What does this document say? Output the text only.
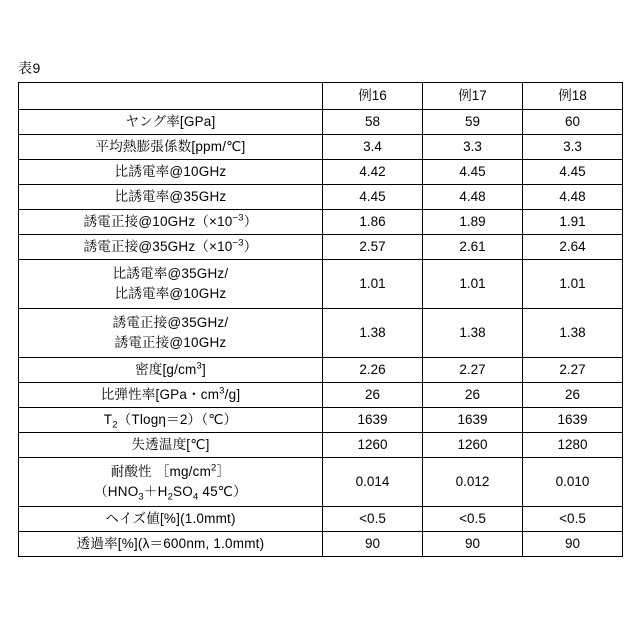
表9
	例16	例17	例18
ヤング率[GPa]	58	59	60
平均熱膨張係数[ppm/℃]	3.4	3.3	3.3
比誘電率@10GHz	4.42	4.45	4.45
比誘電率@35GHz	4.45	4.48	4.48
誘電正接$@10GHz(\times 10^{-3})$	1.86	1.89	1.91
誘電正接$@35GHz(\times 10^{-3})$	2.57	2.61	2.64

比誘電率@35GHz/
比誘電率@10GHz	1.01	1.01	1.01

誘電正接@35GHz/
誘電正接@10GHz	1.38	1.38	1.38
密度$[g/cm^3]$	2.26	2.27	2.27
比弾性率[GPa・$cm^3/g$]	26	26	26
$T_2(Tlog\eta=2)(℃)$	1639	1639	1639
失透温度[℃]	1260	1260	1280

耐酸性 $[mg/cm^2]$
（$HNO_3+H_2SO_4$ 45℃）	0.014	0.012	0.010
ヘイズ値[%](1.0mmt)	<0.5	<0.5	<0.5
透過率[%](λ＝600nm, 1.0mmt)	90	90	90
